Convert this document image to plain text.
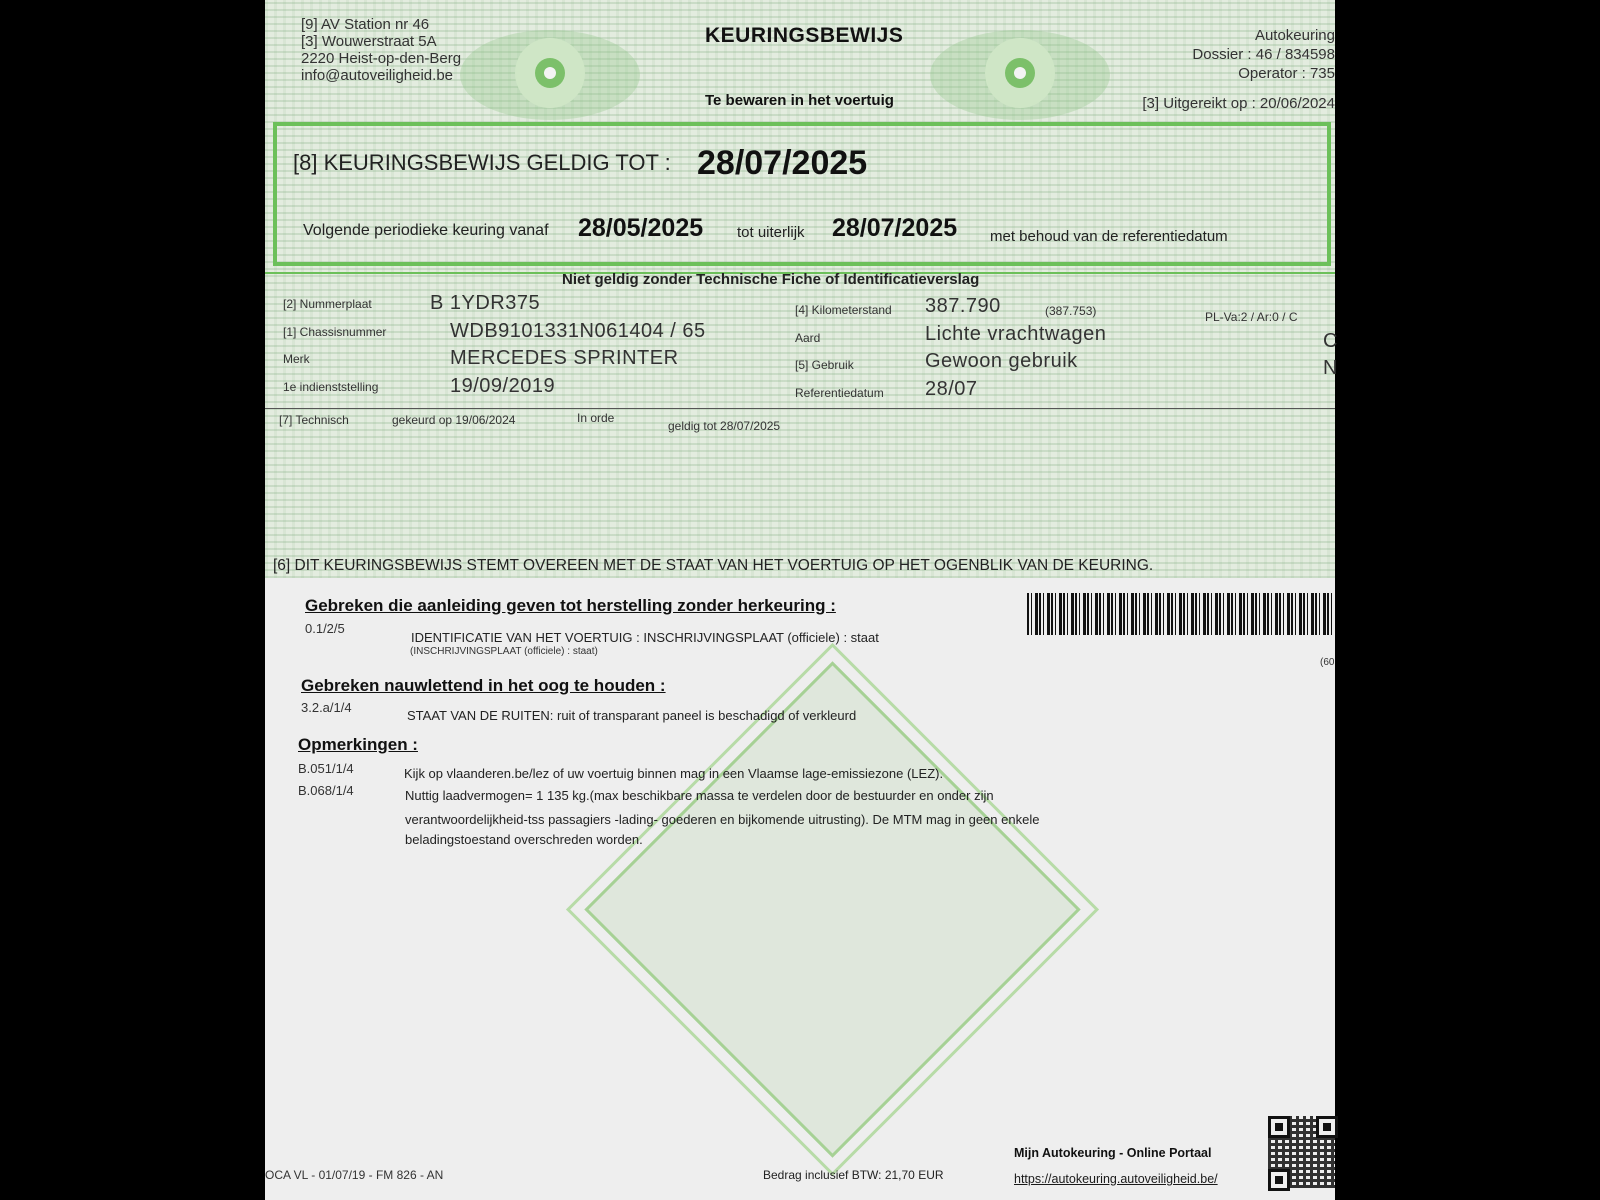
[9] AV Station nr 46
[3] Wouwerstraat 5A
2220 Heist-op-den-Berg
info@autoveiligheid.be
KEURINGSBEWIJS
Te bewaren in het voertuig
Autokeuring
Dossier : 46 / 834598
Operator : 735
[3] Uitgereikt op : 20/06/2024
[8] KEURINGSBEWIJS GELDIG TOT : 28/07/2025
Volgende periodieke keuring vanaf 28/05/2025 tot uiterlijk 28/07/2025 met behoud van de referentiedatum
Niet geldig zonder Technische Fiche of Identificatieverslag
[2] Nummerplaat	B 1YDR375
[1] Chassisnummer	WDB9101331N061404 / 65
Merk	MERCEDES SPRINTER
1e indienststelling	19/09/2019
[4] Kilometerstand 387.790	(387.753)	PL-Va:2 / Ar:0 / C
Aard	Lichte vrachtwagen	C
[5] Gebruik	Gewoon gebruik	N
Referentiedatum 28/07
[7] Technisch	gekeurd op 19/06/2024	In orde
geldig tot 28/07/2025
[6] DIT KEURINGSBEWIJS STEMT OVEREEN MET DE STAAT VAN HET VOERTUIG OP HET OGENBLIK VAN DE KEURING.
Gebreken die aanleiding geven tot herstelling zonder herkeuring :
0.1/2/5
IDENTIFICATIE VAN HET VOERTUIG : INSCHRIJVINGSPLAAT (officiele) : staat
(INSCHRIJVINGSPLAAT (officiele) : staat)
(60
Gebreken nauwlettend in het oog te houden :
3.2.a/1/4
STAAT VAN DE RUITEN: ruit of transparant paneel is beschadigd of verkleurd
Opmerkingen :
B.051/1/4	Kijk op vlaanderen.be/lez of uw voertuig binnen mag in een Vlaamse lage-emissiezone (LEZ).
B.068/1/4	Nuttig laadvermogen= 1 135 kg.(max beschikbare massa te verdelen door de bestuurder en onder zijn
verantwoordelijkheid-tss passagiers -lading- goederen en bijkomende uitrusting). De MTM mag in geen enkele
beladingstoestand overschreden worden.
OCA VL - 01/07/19 - FM 826 - AN	Bedrag inclusief BTW: 21,70 EUR
Mijn Autokeuring - Online Portaal
https://autokeuring.autoveiligheid.be/
